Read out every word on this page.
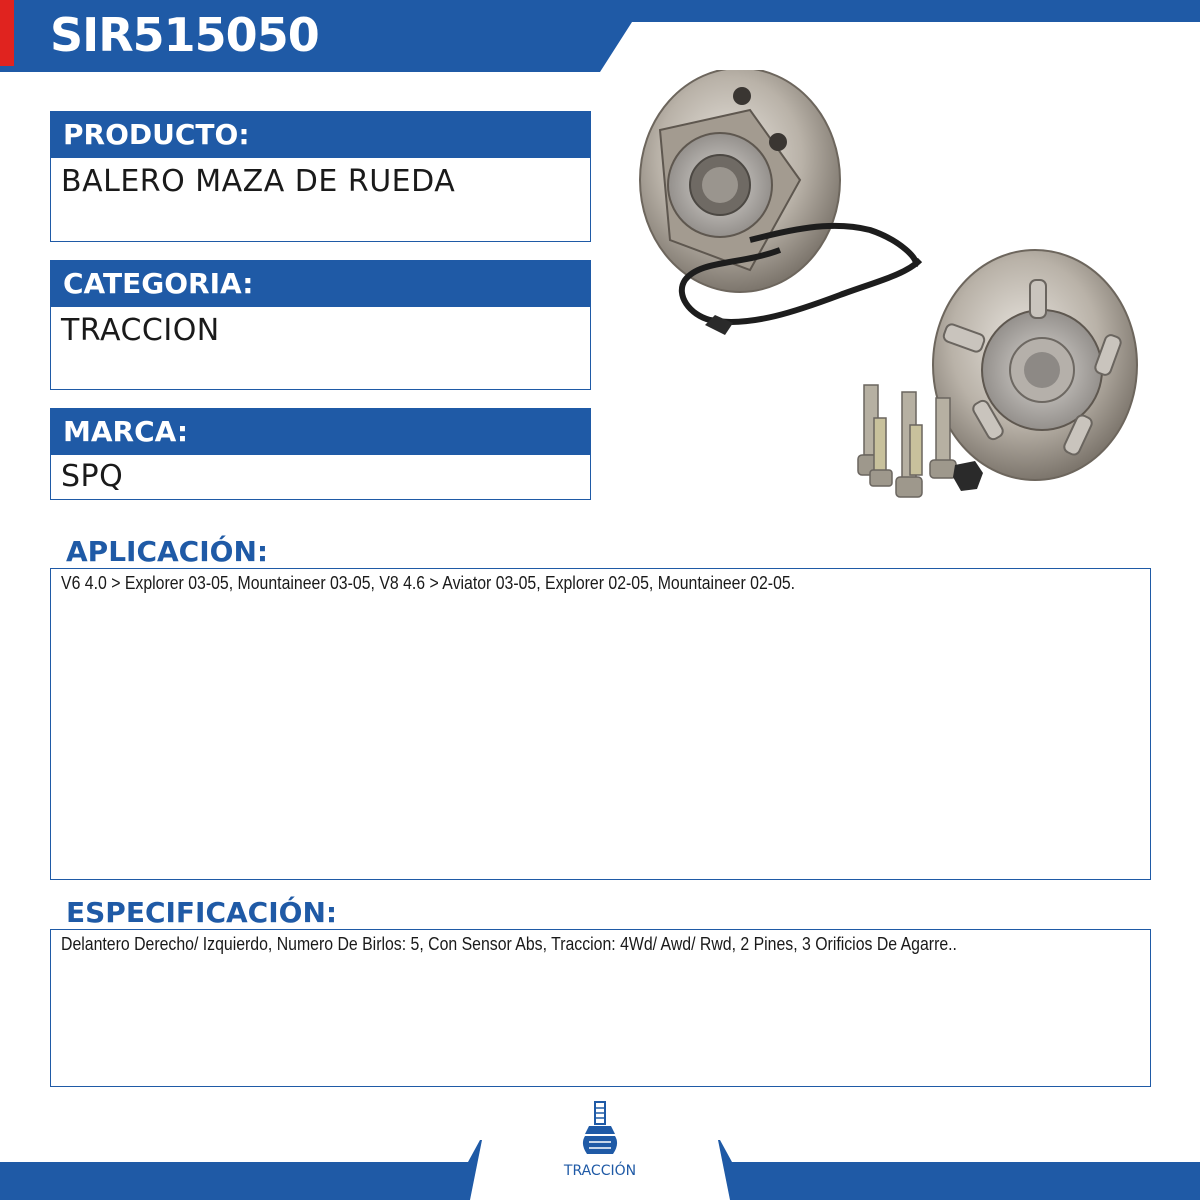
SIR515050
PRODUCTO:
BALERO MAZA DE RUEDA
CATEGORIA:
TRACCION
MARCA:
SPQ
APLICACIÓN:
V6 4.0 > Explorer 03-05, Mountaineer 03-05, V8 4.6 > Aviator 03-05, Explorer 02-05, Mountaineer 02-05.
ESPECIFICACIÓN:
Delantero Derecho/ Izquierdo, Numero De Birlos: 5, Con Sensor Abs, Traccion: 4Wd/ Awd/ Rwd, 2 Pines, 3 Orificios De Agarre..
TRACCIÓN
